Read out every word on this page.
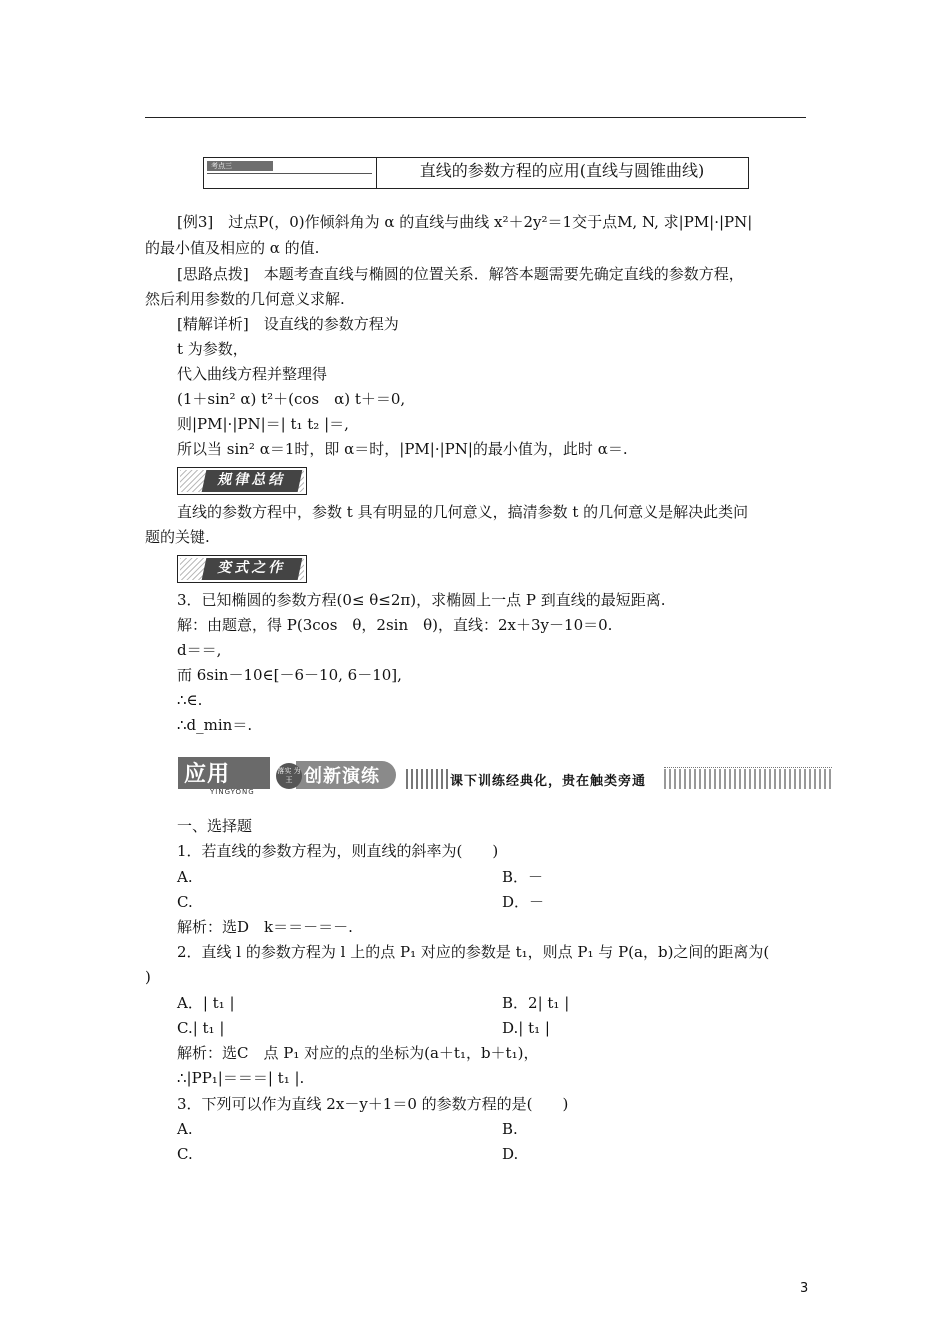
考点三	直线的参数方程的应用(直线与圆锥曲线)
[例3]　过点P(，0)作倾斜角为 α 的直线与曲线 x²＋2y²＝1交于点M, N, 求|PM|·|PN|
的最小值及相应的 α 的值.
[思路点拨]　本题考查直线与椭圆的位置关系．解答本题需要先确定直线的参数方程，
然后利用参数的几何意义求解.
[精解详析]　设直线的参数方程为
t 为参数，
代入曲线方程并整理得
(1＋sin² α) t²＋(cos　α) t＋＝0,
则|PM|·|PN|＝| t₁ t₂ |＝,
所以当 sin² α＝1时，即 α＝时，|PM|·|PN|的最小值为，此时 α＝.
规律总结
直线的参数方程中，参数 t 具有明显的几何意义，搞清参数 t 的几何意义是解决此类问
题的关键.
变式之作
3．已知椭圆的参数方程(0≤ θ≤2π)，求椭圆上一点 P 到直线的最短距离.
解：由题意，得 P(3cos　θ，2sin　θ)，直线：2x＋3y－10＝0.
d＝＝,
而 6sin－10∈[－6－10, 6－10],
∴∈.
∴d_min＝.
应用
YINGYONG
落实 为王 创新演练	课下训练经典化，贵在触类旁通
一、选择题
1．若直线的参数方程为，则直线的斜率为(　　)
A.	B．－
C.	D．－
解析：选D　k＝＝－＝－.
2．直线 l 的参数方程为 l 上的点 P₁ 对应的参数是 t₁，则点 P₁ 与 P(a，b)之间的距离为(
)
A．| t₁ |	B．2| t₁ |
C.| t₁ |	D.| t₁ |
解析：选C　点 P₁ 对应的点的坐标为(a＋t₁，b＋t₁)，
∴|PP₁|＝＝＝| t₁ |.
3．下列可以作为直线 2x－y＋1＝0 的参数方程的是(　　)
A.	B.
C.	D.
3
